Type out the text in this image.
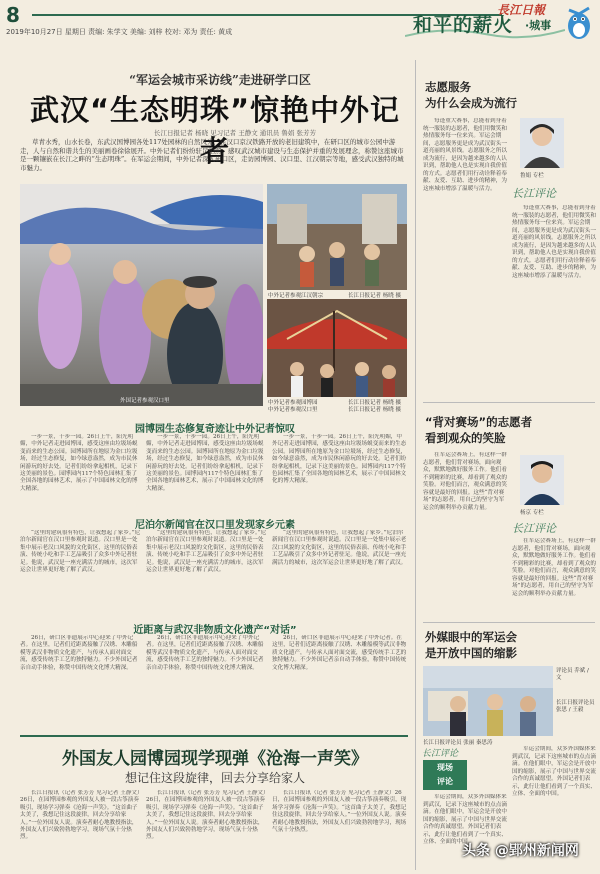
8
2019年10月27日 星期日 责编: 朱学文 美编: 刘梓 校对: 邓为 责任: 黄成
長江日報
和平的薪火 ·城事
“军运会城市采访线”走进研学口区
武汉“生态明珠”惊艳中外记者
长江日报记者 杨晓 见习记者 王静文 通讯员 鲁娟 张芳芳
草青水秀，山水长卷，东武汉国博园各处117处园林的自然风光，在汉口京汉铁路开放的老旧建筑中，在研口区的城市公园中游走，人与自然和谐共生的美丽画卷徐徐展开。中外记者们纷纷驻足拍照，感叹武汉城市建设与生态保护并重的发展理念，称赞这座城市是一颗镶嵌在长江之畔的“生态明珠”。在军运会期间，中外记者深入研口区，走访园博园、汉口里、江汉朝宗等地，感受武汉独特的城市魅力。
外国记者参观汉口里
中外记者参观江汉朝宗	长江日报记者 杨晓 摄
中外记者参观园博园	长江日报记者 杨晓 摄
中外记者参观汉口里	长江日报记者 杨晓 摄
园博园生态修复奇迹让中外记者惊叹
一步一景，十步一园。26日上午，阳光明媚，中外记者走进园博园，感受这座由垃圾场蜕变而来的生态公园。园博园所在地原为金口垃圾场，经过生态修复，如今绿意盎然，成为市民休闲游玩的好去处。记者们纷纷拿起相机，记录下这美丽的景色。园博园内117个特色园林汇集了全国各地的园林艺术，展示了中国园林文化的博大精深。
一步一景，十步一园。26日上午，阳光明媚，中外记者走进园博园，感受这座由垃圾场蜕变而来的生态公园。园博园所在地原为金口垃圾场，经过生态修复，如今绿意盎然，成为市民休闲游玩的好去处。记者们纷纷拿起相机，记录下这美丽的景色。园博园内117个特色园林汇集了全国各地的园林艺术，展示了中国园林文化的博大精深。
一步一景，十步一园。26日上午，阳光明媚，中外记者走进园博园，感受这座由垃圾场蜕变而来的生态公园。园博园所在地原为金口垃圾场，经过生态修复，如今绿意盎然，成为市民休闲游玩的好去处。记者们纷纷拿起相机，记录下这美丽的景色。园博园内117个特色园林汇集了全国各地的园林艺术，展示了中国园林文化的博大精深。
尼泊尔新闻官在汉口里发现家乡元素
“这里的建筑很有特色，让我想起了家乡。”尼泊尔新闻官在汉口里参观时说道。汉口里是一处集中展示老汉口风貌的文化街区，这里的民俗表演、传统小吃和手工艺品吸引了众多中外记者驻足。他说，武汉是一座充满活力的城市，这次军运会让世界更好地了解了武汉。
“这里的建筑很有特色，让我想起了家乡。”尼泊尔新闻官在汉口里参观时说道。汉口里是一处集中展示老汉口风貌的文化街区，这里的民俗表演、传统小吃和手工艺品吸引了众多中外记者驻足。他说，武汉是一座充满活力的城市，这次军运会让世界更好地了解了武汉。
“这里的建筑很有特色，让我想起了家乡。”尼泊尔新闻官在汉口里参观时说道。汉口里是一处集中展示老汉口风貌的文化街区，这里的民俗表演、传统小吃和手工艺品吸引了众多中外记者驻足。他说，武汉是一座充满活力的城市，这次军运会让世界更好地了解了武汉。
近距离与武汉非物质文化遗产“对话”
26日，研口区非遗展示中心迎来了中外记者。在这里，记者们近距离接触了汉绣、木雕船模等武汉非物质文化遗产，与传承人面对面交流，感受传统手工艺的独特魅力。不少外国记者亲自动手体验，称赞中国传统文化博大精深。
26日，研口区非遗展示中心迎来了中外记者。在这里，记者们近距离接触了汉绣、木雕船模等武汉非物质文化遗产，与传承人面对面交流，感受传统手工艺的独特魅力。不少外国记者亲自动手体验，称赞中国传统文化博大精深。
26日，研口区非遗展示中心迎来了中外记者。在这里，记者们近距离接触了汉绣、木雕船模等武汉非物质文化遗产，与传承人面对面交流，感受传统手工艺的独特魅力。不少外国记者亲自动手体验，称赞中国传统文化博大精深。
外国友人园博园现学现弹《沧海一声笑》
想记住这段旋律，回去分享给家人
长江日报讯（记者 张芳芳 见习记者 王静文）26日，在园博园参观的外国友人被一段古筝演奏吸引，现场学习弹奏《沧海一声笑》。“这首曲子太美了，我想记住这段旋律，回去分享给家人。”一位外国友人说。演奏者耐心地教授指法，外国友人们兴致勃勃地学习，现场气氛十分热烈。
长江日报讯（记者 张芳芳 见习记者 王静文）26日，在园博园参观的外国友人被一段古筝演奏吸引，现场学习弹奏《沧海一声笑》。“这首曲子太美了，我想记住这段旋律，回去分享给家人。”一位外国友人说。演奏者耐心地教授指法，外国友人们兴致勃勃地学习，现场气氛十分热烈。
长江日报讯（记者 张芳芳 见习记者 王静文）26日，在园博园参观的外国友人被一段古筝演奏吸引，现场学习弹奏《沧海一声笑》。“这首曲子太美了，我想记住这段旋律，回去分享给家人。”一位外国友人说。演奏者耐心地教授指法，外国友人们兴致勃勃地学习，现场气氛十分热烈。
志愿服务
为什么会成为流行
每逢重大赛事，总能看到身着统一服装的志愿者，他们用微笑和热情服务每一位来宾。军运会期间，志愿服务更是成为武汉街头一道亮丽的风景线。志愿服务之所以成为流行，是因为越来越多的人认识到，帮助他人也是实现自我价值的方式。志愿者们用行动诠释着奉献、友爱、互助、进步的精神，为这座城市增添了温暖与活力。
鲁娟 专栏
长江评论
每逢重大赛事，总能看到身着统一服装的志愿者，他们用微笑和热情服务每一位来宾。军运会期间，志愿服务更是成为武汉街头一道亮丽的风景线。志愿服务之所以成为流行，是因为越来越多的人认识到，帮助他人也是实现自我价值的方式。志愿者们用行动诠释着奉献、友爱、互助、进步的精神，为这座城市增添了温暖与活力。
“背对赛场”的志愿者
看到观众的笑脸
在军运会赛场上，有这样一群志愿者，他们背对赛场，面向观众，默默地做好服务工作。他们看不到精彩的比赛，却看到了观众的笑脸。对他们而言，观众满意的笑容就是最好的回报。这些“背对赛场”的志愿者，用自己的坚守为军运会的顺利举办贡献力量。
杨京 专栏
长江评论
在军运会赛场上，有这样一群志愿者，他们背对赛场，面向观众，默默地做好服务工作。他们看不到精彩的比赛，却看到了观众的笑脸。对他们而言，观众满意的笑容就是最好的回报。这些“背对赛场”的志愿者，用自己的坚守为军运会的顺利举办贡献力量。
外媒眼中的军运会
是开放中国的缩影
评论员 乔斌 / 文
长江日报评论员 张思 / 王毅
长江日报评论员 张丽 秦思涛
现场
评论
长江评论
军运会期间，众多外国媒体来到武汉，记录下这座城市的点点滴滴。在他们眼中，军运会是开放中国的缩影，展示了中国与世界交流合作的真诚愿望。外国记者们表示，此行让他们看到了一个真实、立体、全面的中国。
军运会期间，众多外国媒体来到武汉，记录下这座城市的点点滴滴。在他们眼中，军运会是开放中国的缩影，展示了中国与世界交流合作的真诚愿望。外国记者们表示，此行让他们看到了一个真实、立体、全面的中国。
头条 @郢州新闻网
